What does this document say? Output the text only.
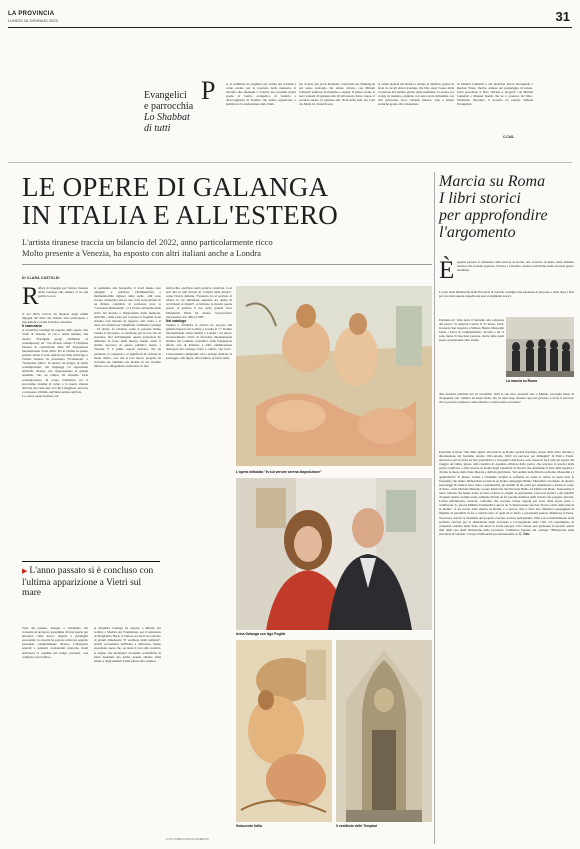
LA PROVINCIA
LUNEDÌ 16 GENNAIO 2023	31
Evangelici
e parrocchia
Lo Shabbat
di tutti
P	er la settimana di preghiera per l'unità dei cristiani e come evento per la Giornata della memoria, si terranno due momenti a Sondrio nei prossimi giorni grazie al Centro evangelico di Sondrio e all'accoglienza di Sondrio che hanno organizzato e pubblicato la celebrazione dello Shab-
bat di tutti, più di un momento conviviale per immergersi nel senso profondo del sabato ebraico con Miriam Camerini studiosa di ebraismo e regista. Il primo evento si terrà venerdì 20 gennaio alle 20 all'oratorio Sacro Cuore, il secondo sabato 21 gennaio alle 18,30 nella sede del Coni via Malta 16. Venerdì sera,
la calma planerà sul mondo e entrato lo Shabbat, giorno di festa in cui gli ebrei ricordano che Dio cessò l'opera della Creazione nel settimo giorno della settimana. La serata si è svolge in maniera originale con una tavola imbandita con cibi particolari, fiori, candele, musica, vino e letture sceniche grazie alla conduzione
di Miriam Camerini e dei musicisti Rocco Rossignoli e Reuben Vitale. Inoltre, sempre nel pomeriggio di sabato, verrà presentato il libro "Ricette e progetti" con Miriam Camerini e Manuel Kanah che ne è coautore del libro. Moderano l'incontro il docente ed esperto Simone Evangelisti.
C.CAS.
LE OPERE DI GALANGA
IN ITALIA E ALL'ESTERO
L'artista tiranese traccia un bilancio del 2022, anno particolarmente ricco
Molto presente a Venezia, ha esposto con altri italiani anche a Londra
DI CLARA CASTOLDI
R affica di impegni per l'artista tiranese Anna Galanga che, mentre si sta già partile le esco

te del 2023, traccia un bilancio degli ultimi impegni del 2022 che l'hanno vista partecipare a esposizioni e eventi in Italia e all'estero.

Il calendario

A novembre Galanga ha esposto nello spazio San Vidal di Venezia, in cui è ormai habitué, alla mostra "Paradigm group exhibition of contemporary art" con diverse artiste: il Christian Palazzo in conclusione della 59ª Esposizione internazionale d'arte 2022. Tra le vetrine in questo periodo anche si sono ispirate sul tema dell'acqua e l'artista tiranese ha presentato "Evoluzione" e "Seducente follia". In mostra un gruppo di artisti contemporanei, dai linguaggi ed espressioni artistiche diverse, che rappresentano la grande assemble che, da tempo, ha investito l'arte contemporanea. In ottura traumatica coi il precedente sistema di valori e la nuova visione dell'arte che vede tutto ciò che è maggiore, provoca e ottrepassa il limite, dell'innovazione nell'arte.

La cesura quasi violenta con

la pandemia alla fotografia, il avori hanno reso omaggio e celebrare l'indimenticata e indimenticabile signora delle stelle. «Mi sono trovata catapultata ancora una volta in un mondo in un filmato complicit, di confronto dove le "vocazioni intellettuali", si è rivolta all'analisi delle sicità del mondo e l'importanza della memoria, dell'oblio, della forza per scoprire la fragilità di un sistema così mortale in rapporto alla verità e al ruolo dei sistemi per l'indefinito commenta Galanga - Su invito, fu evidente come le persone hanno vissuto il riscoperto, la relazione per la loro vita di speranza. Nel dell'indagine questi particolari ho utilizzato la forza della mostra, hanno avuto il grande successo di questo pubblico legato a Venezia. È il primo aspetto dell'arte, che ha permesso ai contenuti e ai significati di arrivare in modo chiaro, così che il loro nuovo progetto ha avvistato un cammino nel mondo in cui viviamo mirato con collegamento dedicatore di una.

dell'occhio «dell'arte nella propria creatività. Così non dire se tutti dicono di "scienza della pittura", come l'aveva definita, "l'essenza sta al servizio di un'arte la cui ambizione suprema era quella di avvicinarsi ai dipinti". A febbraio la mostra aperta presso la galleria il tiro della grande ricca Margherita Hack ha diretto l'osservatorio astronomico dal 1964 al 1987.

Nel catalogo

Sempre a dicembre la pittrice ha esposto alla galleria Espacio Art Gallery a Londra al "1° Premio internazionale artisti italiani a Londra", un nuovo riconoscimento d'arte di rilevanza internazionale istituito dal Comitato scientifico della Fondazione effetto arte di Palermo e dalla pubblicazione dell'opera nel catalogo d'arte e cultura "Art now". L'esposizione comprende vari e sezioni dedicate al paesaggio, alla figura, alla scultura, al fauve nello,

▶ L'anno passato si è concluso con l'ultima apparizione a Vietri sul mare
l'arte del passato, dunque, è l'elemento che consente ad un nuovo paradigma di farsi spazio per attestarsi come nuovo rispetto a paradigmi precedenti. La mostra ha portato artisti un sguardo personale completamente diverso. L'interprete sguardi e pensieri contrastanti mancano modi dell'essere si esprime nel tempo presente, così completo ed evolutivo.
A dicembre Galanga ha esposto a Milano Art Gallery e Modern Art Foundation, per il centenario di Margherita Hack, il famoso accasciò ha sottratto di grandi dimensioni "Il vestibolo delle templari". Artisti provenienti dall'Italia e dall'estero hanno presentato opere che, secondo il loro stile creativo, si legano alle molteplici avventure scientifiche di fama mondiale ma anche grande amante della natura e degli animali. Dalla pittura alla scultura,
L'opera intitolata "In sul verone serena disposizione"
Anna Galanga con Ugo Puglisi
Seducente follia	Il vestibolo delle Templari
FOTO PUBBLICATE DA FACEBOOK
Marcia su Roma
I libri storici
per approfondire
l'argomento
È appena passato il centenario della marcia su Roma, atto eversivo di inizio della dittatura fascista che avrebbe oppresso il Paese e l'avrebbe condotto nell'abisso della seconda guerra mondiale.
La rete delle biblioteche della Provincia di Sondrio consiglia una selezione di proposte a tema dopo i fatti per ricordare questa tragedia nei suoi svolgimenti storici.
Partiamo da "Alba nera: il fascismo alla conquista del potere" di Antonio Carioti. Il 23 marzo 1919, in piazza San Sepolcro a Milano, Benito Mussolini fonda i Fasci di combattimento: davanti a lui ci sono meno di duecento persone, molte delle quali presto prenderanno altre strade.
La marcia su Roma
Alle elezioni politiche del 16 novembre 1919 la sua lista, presente solo a Milano, raccoglie meno di cinquemila voti. Sembra un uomo finito, ma tre anni dopo diventa capo del governo e avvia il percorso che lo porterà a imporre come dittatore. Com'è potuto accadere?
Passiamo al titolo "Dal mille ignoto alla marcia su Roma: apriosi fascismo, morte dello Stato liberale e affermazione del fascismo ottobre 1921-ottobre 1922: un percorso per immagini" di Enrico Foisti. Attraverso gli accurati servizi giornalistici e fotografici dell'epoca sono messi in luce tutti gli aspetti del viaggio del milite ignoto dalla basilica di Aquileia all'altare della patria, che sancisce la nascita della patria condivisa, e della marcia su Roma degli squadristi di fascisti che determinò la fine della legalità e di fatto la morte dello Stato liberale e dell'età giolittiana. "Gli uomini della Marcia su Roma. Mussolini e i quadrumviri" di Mauro Canali e Clemente Volpini si sofferma su come al centro di quasi tutte le fotografie che hanno immortalato la marcia su Roma campeggia Benito Mussolini circondato da quattro personaggi in camicia nera. Sono i quadrumviri, gli uomini da lui scelti per organizzare e attuare il colpo di Stato, ossia Michele Bianchi, Cesare Maria De Vecchi, Italo Balbo ed Emilio De Bono. Nonostante il ruolo centrale che hanno avuto accanto al duce, le origini, le personalità, i percorsi politici e gli obiettivi di questi quattro uomini erano talmente diversi da far persino dubitare della riuscita del progetto fascista. L'esito dell'impresa, tuttavia, conferma che avevano buone ragioni per stare dalla stessa parte e collaborare. E, ancora Mimmo Franzinelli è autore de "L'insurrezione fascista. Storia e mito della marcia su Roma". A un secolo dalla marcia su Roma, e a ancora cifra e fiere una folklorica passeggiata di migliaia di estremisti in fez e camicia nera, ai quali un re inetto e governanti paurosi affidarono il Paese. Viceversa, essa fu la risultante del progetto eversivo avviato nell'autunno 1920 con la mobilitazione della periferia fascista per la distruzione degli avversari e l'occupazione delle città. Un esperimento di conquista violenta dello Stato che mutò la storia europea. Chi volesse può prenotare in prestito questi libri dalla rete delle biblioteche della provincia. L'indirizzo internet del catalogo "Biblioteche della provincia di Sondrio" è https://biblioteche.provinciasondrio.it. C. Cas.
